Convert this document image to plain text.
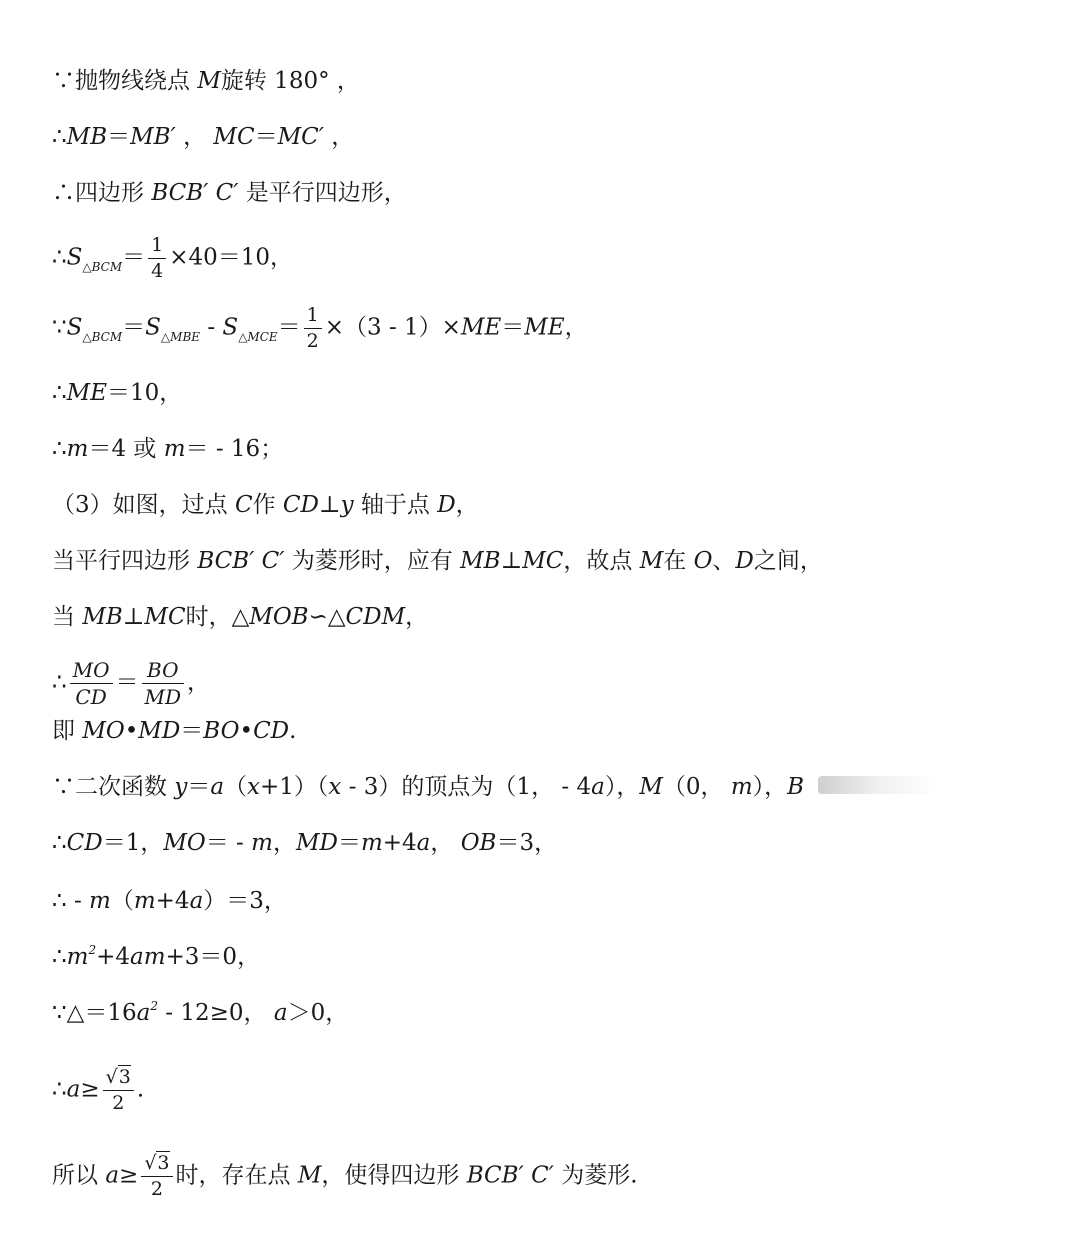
∵抛物线绕点 M旋转 180° ，
∴MB＝MB′ ， MC＝MC′ ，
∴四边形 BCB′ C′ 是平行四边形，
$\therefore S_{\triangle BCM}= \frac{1}{4} \times 40=10$，
$\because S_{\triangle BCM}=S_{\triangle MBE} - S_{\triangle MCE}= \frac{1}{2} \times(3 - 1)\times ME=ME$，
∴ME＝10，
∴m＝4 或 m＝ - 16；
（3）如图，过点 C作 CD⊥y 轴于点 D，
当平行四边形 BCB′ C′ 为菱形时，应有 MB⊥MC，故点 M在 O、D之间，
当 MB⊥MC时，△MOB∽△CDM，
∴ $\frac{MO}{CD} = \frac{BO}{MD}$ ，
即 MO•MD＝BO•CD.
∵二次函数 y＝a（x+1）（x - 3）的顶点为（1， - 4a），M（0， m），B
∴CD＝1，MO＝ - m，MD＝m+4a， OB＝3，
∴ - m（m+4a）＝3，
$\therefore m^2+4am+3=0$，
$\because\triangle=16a^2 - 12\ge 0$， a＞0，
∴a≥ $\frac{√3}{2}$ .
所以 $a\ge \frac{√3}{2}$ 时，存在点 M，使得四边形 BCB′ C′ 为菱形.
